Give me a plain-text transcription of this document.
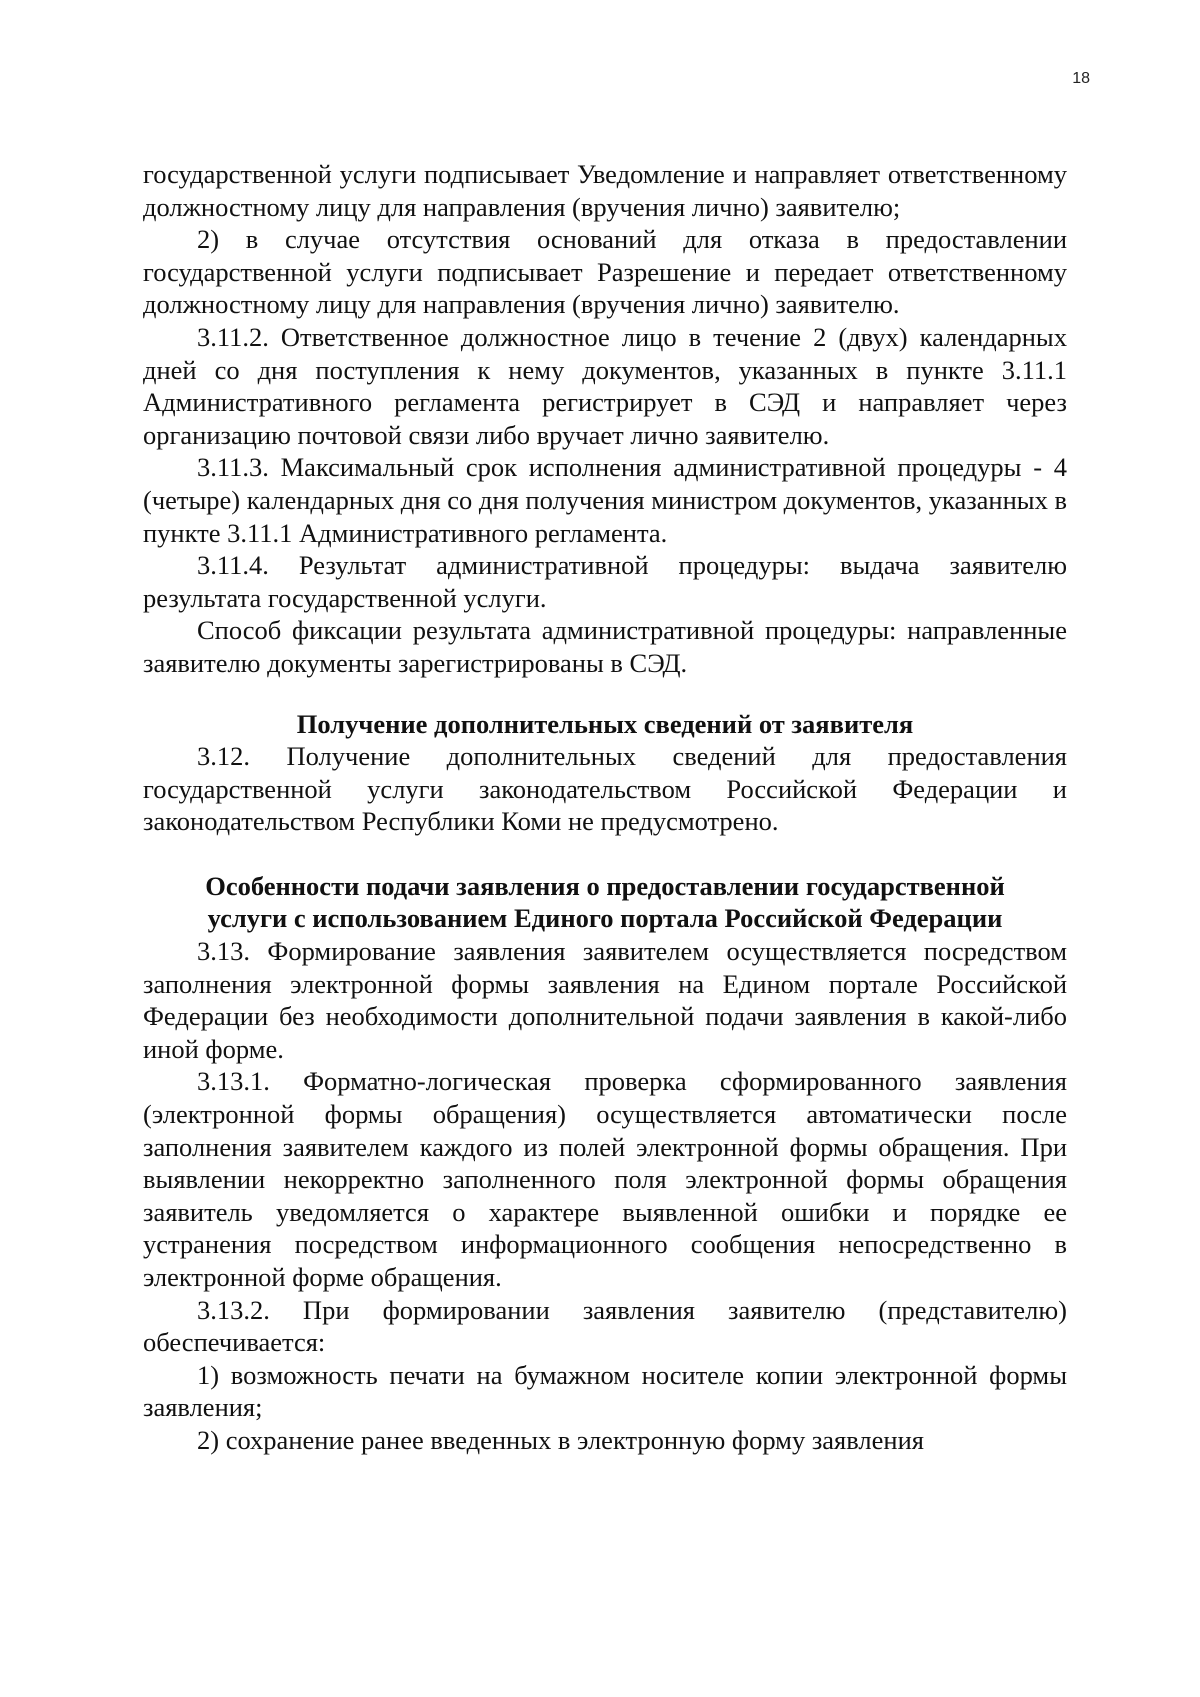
18

государственной услуги подписывает Уведомление и направляет ответственному должностному лицу для направления (вручения лично) заявителю;

2) в случае отсутствия оснований для отказа в предоставлении государственной услуги подписывает Разрешение и передает ответственному должностному лицу для направления (вручения лично) заявителю.

3.11.2. Ответственное должностное лицо в течение 2 (двух) календарных дней со дня поступления к нему документов, указанных в пункте 3.11.1 Административного регламента регистрирует в СЭД и направляет через организацию почтовой связи либо вручает лично заявителю.

3.11.3. Максимальный срок исполнения административной процедуры - 4 (четыре) календарных дня со дня получения министром документов, указанных в пункте 3.11.1 Административного регламента.

3.11.4. Результат административной процедуры: выдача заявителю результата государственной услуги.

Способ фиксации результата административной процедуры: направленные заявителю документы зарегистрированы в СЭД.

Получение дополнительных сведений от заявителя

3.12. Получение дополнительных сведений для предоставления государственной услуги законодательством Российской Федерации и законодательством Республики Коми не предусмотрено.

Особенности подачи заявления о предоставлении государственной
услуги с использованием Единого портала Российской Федерации

3.13. Формирование заявления заявителем осуществляется посредством заполнения электронной формы заявления на Едином портале Российской Федерации без необходимости дополнительной подачи заявления в какой-либо иной форме.

3.13.1. Форматно-логическая проверка сформированного заявления (электронной формы обращения) осуществляется автоматически после заполнения заявителем каждого из полей электронной формы обращения. При выявлении некорректно заполненного поля электронной формы обращения заявитель уведомляется о характере выявленной ошибки и порядке ее устранения посредством информационного сообщения непосредственно в электронной форме обращения.

3.13.2. При формировании заявления заявителю (представителю) обеспечивается:

1) возможность печати на бумажном носителе копии электронной формы заявления;

2) сохранение ранее введенных в электронную форму заявления
